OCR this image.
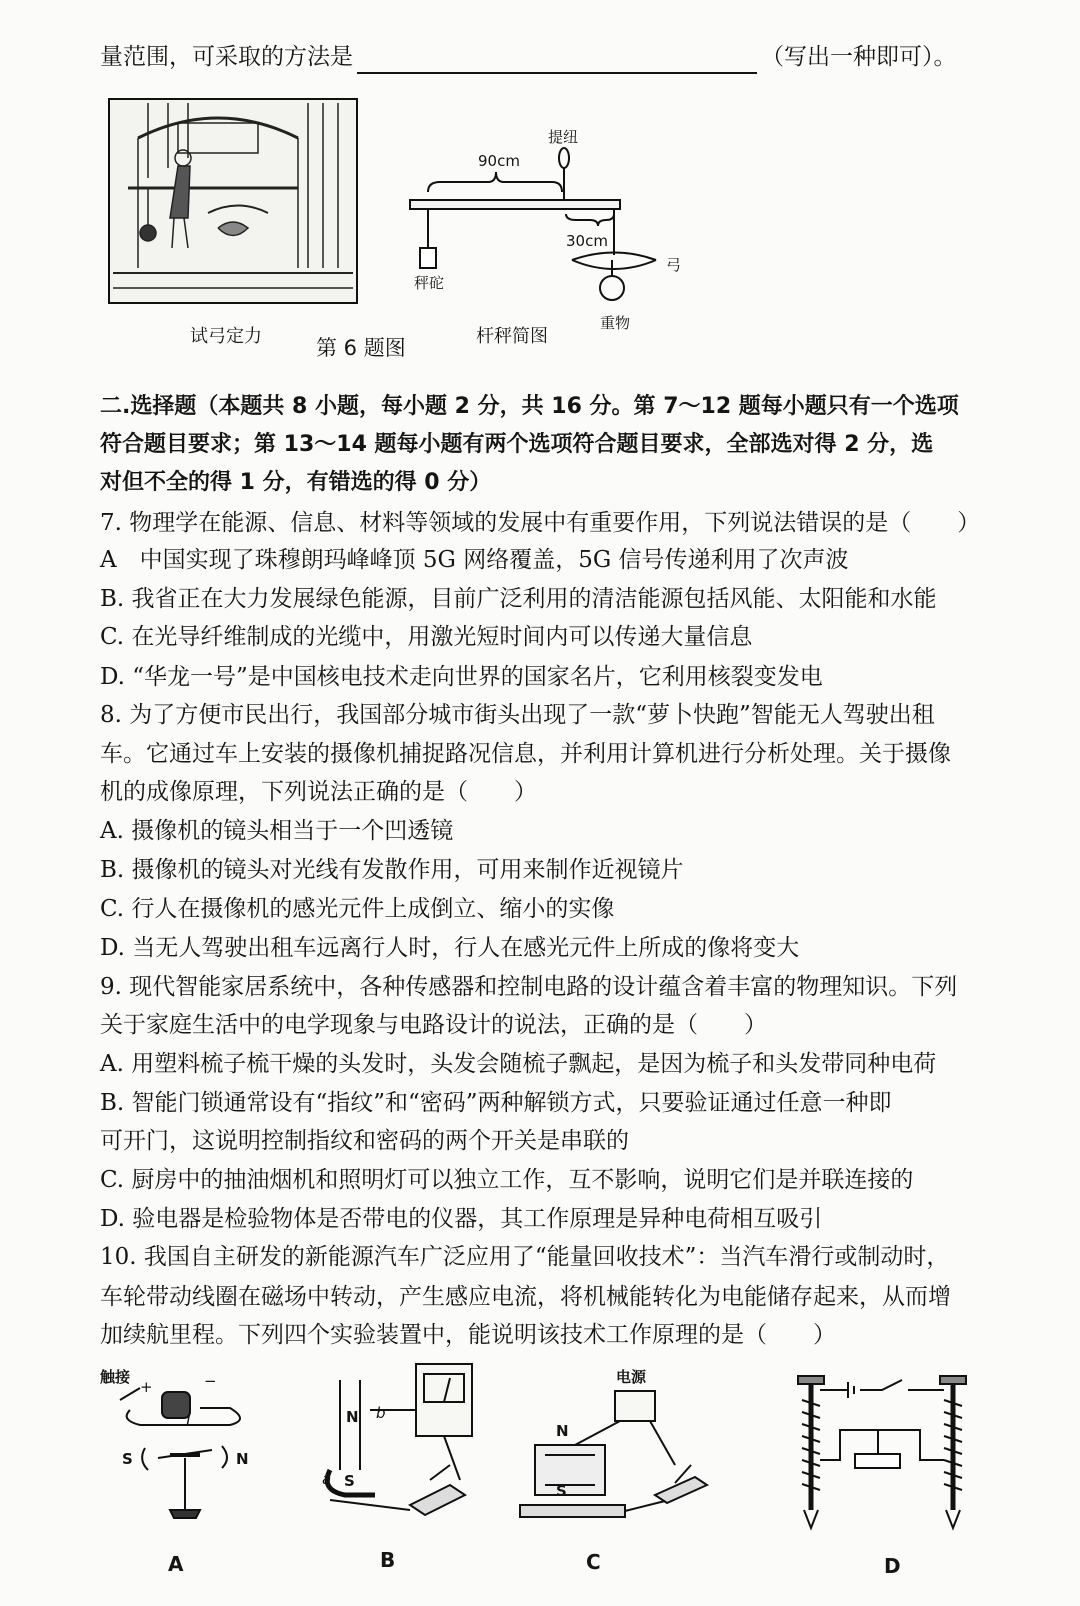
量范围，可采取的方法是	（写出一种即可）。
试弓定力	第 6 题图	杆秤简图
提纽
90cm
30cm
秤砣
弓
重物
二.选择题（本题共 8 小题，每小题 2 分，共 16 分。第 7～12 题每小题只有一个选项
符合题目要求；第 13～14 题每小题有两个选项符合题目要求，全部选对得 2 分，选
对但不全的得 1 分，有错选的得 0 分）
7. 物理学在能源、信息、材料等领域的发展中有重要作用，下列说法错误的是（　　）
A　中国实现了珠穆朗玛峰峰顶 5G 网络覆盖，5G 信号传递利用了次声波
B. 我省正在大力发展绿色能源，目前广泛利用的清洁能源包括风能、太阳能和水能
C. 在光导纤维制成的光缆中，用激光短时间内可以传递大量信息
D. “华龙一号”是中国核电技术走向世界的国家名片，它利用核裂变发电
8. 为了方便市民出行，我国部分城市街头出现了一款“萝卜快跑”智能无人驾驶出租
车。它通过车上安装的摄像机捕捉路况信息，并利用计算机进行分析处理。关于摄像
机的成像原理，下列说法正确的是（　　）
A. 摄像机的镜头相当于一个凹透镜
B. 摄像机的镜头对光线有发散作用，可用来制作近视镜片
C. 行人在摄像机的感光元件上成倒立、缩小的实像
D. 当无人驾驶出租车远离行人时，行人在感光元件上所成的像将变大
9. 现代智能家居系统中，各种传感器和控制电路的设计蕴含着丰富的物理知识。下列
关于家庭生活中的电学现象与电路设计的说法，正确的是（　　）
A. 用塑料梳子梳干燥的头发时，头发会随梳子飘起，是因为梳子和头发带同种电荷
B. 智能门锁通常设有“指纹”和“密码”两种解锁方式，只要验证通过任意一种即
可开门，这说明控制指纹和密码的两个开关是串联的
C. 厨房中的抽油烟机和照明灯可以独立工作，互不影响，说明它们是并联连接的
D. 验电器是检验物体是否带电的仪器，其工作原理是异种电荷相互吸引
10. 我国自主研发的新能源汽车广泛应用了“能量回收技术”：当汽车滑行或制动时，
车轮带动线圈在磁场中转动，产生感应电流，将机械能转化为电能储存起来，从而增
加续航里程。下列四个实验装置中，能说明该技术工作原理的是（　　）
触接
+	−
I
S	N
N
S
a
b
电源
N
S
A	B	C	D
